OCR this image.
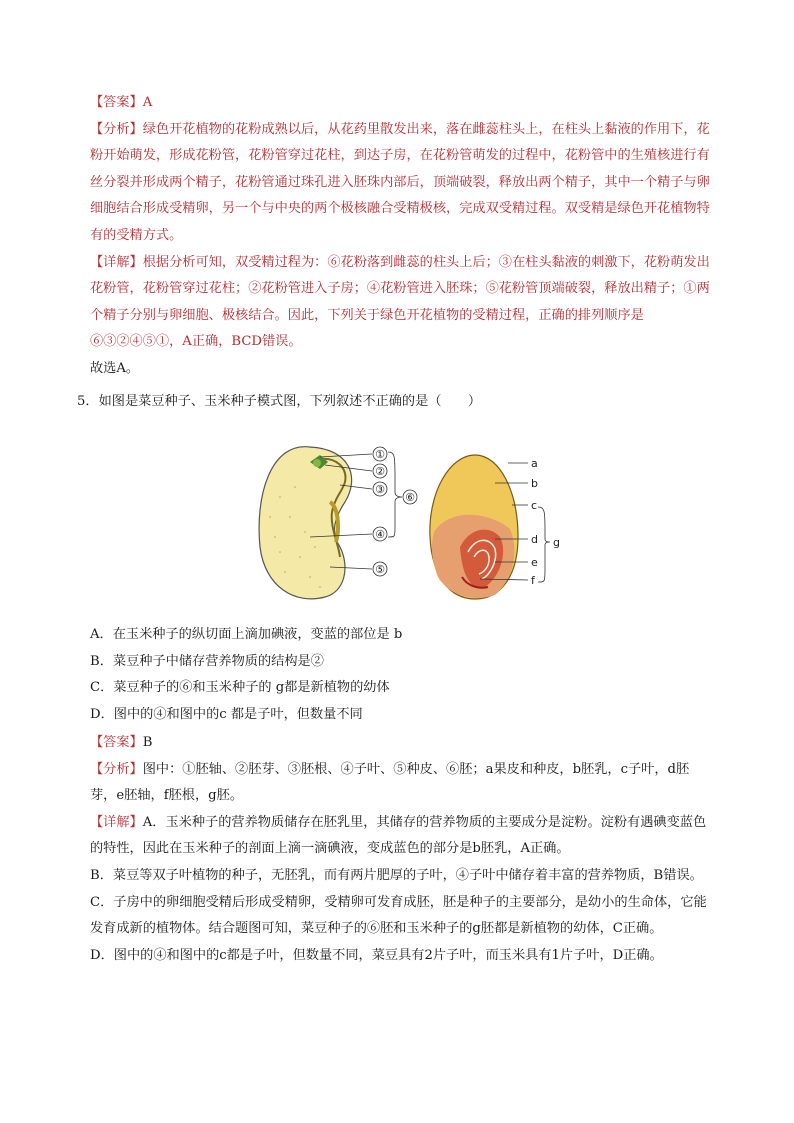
【答案】A

【分析】绿色开花植物的花粉成熟以后，从花药里散发出来，落在雌蕊柱头上，在柱头上黏液的作用下，花粉开始萌发，形成花粉管，花粉管穿过花柱，到达子房，在花粉管萌发的过程中，花粉管中的生殖核进行有丝分裂并形成两个精子，花粉管通过珠孔进入胚珠内部后，顶端破裂，释放出两个精子，其中一个精子与卵细胞结合形成受精卵，另一个与中央的两个极核融合受精极核，完成双受精过程。双受精是绿色开花植物特有的受精方式。

【详解】根据分析可知，双受精过程为：⑥花粉落到雌蕊的柱头上后；③在柱头黏液的刺激下，花粉萌发出花粉管，花粉管穿过花柱；②花粉管进入子房；④花粉管进入胚珠；⑤花粉管顶端破裂，释放出精子；①两个精子分别与卵细胞、极核结合。因此，下列关于绿色开花植物的受精过程，正确的排列顺序是⑥③②④⑤①，A正确，BCD错误。

故选A。

5．如图是菜豆种子、玉米种子模式图，下列叙述不正确的是（　　）

①
②
③
④
⑤
⑥
a
b
c
d
e
f
g

A．在玉米种子的纵切面上滴加碘液，变蓝的部位是 b

B．菜豆种子中储存营养物质的结构是②

C．菜豆种子的⑥和玉米种子的 g都是新植物的幼体

D．图中的④和图中的c 都是子叶，但数量不同

【答案】B

【分析】图中：①胚轴、②胚芽、③胚根、④子叶、⑤种皮、⑥胚；a果皮和种皮，b胚乳，c子叶，d胚芽，e胚轴，f胚根，g胚。

【详解】A．玉米种子的营养物质储存在胚乳里，其储存的营养物质的主要成分是淀粉。淀粉有遇碘变蓝色的特性，因此在玉米种子的剖面上滴一滴碘液，变成蓝色的部分是b胚乳，A正确。

B．菜豆等双子叶植物的种子，无胚乳，而有两片肥厚的子叶，④子叶中储存着丰富的营养物质，B错误。

C．子房中的卵细胞受精后形成受精卵，受精卵可发育成胚，胚是种子的主要部分，是幼小的生命体，它能发育成新的植物体。结合题图可知，菜豆种子的⑥胚和玉米种子的g胚都是新植物的幼体，C正确。

D．图中的④和图中的c都是子叶，但数量不同，菜豆具有2片子叶，而玉米具有1片子叶，D正确。
